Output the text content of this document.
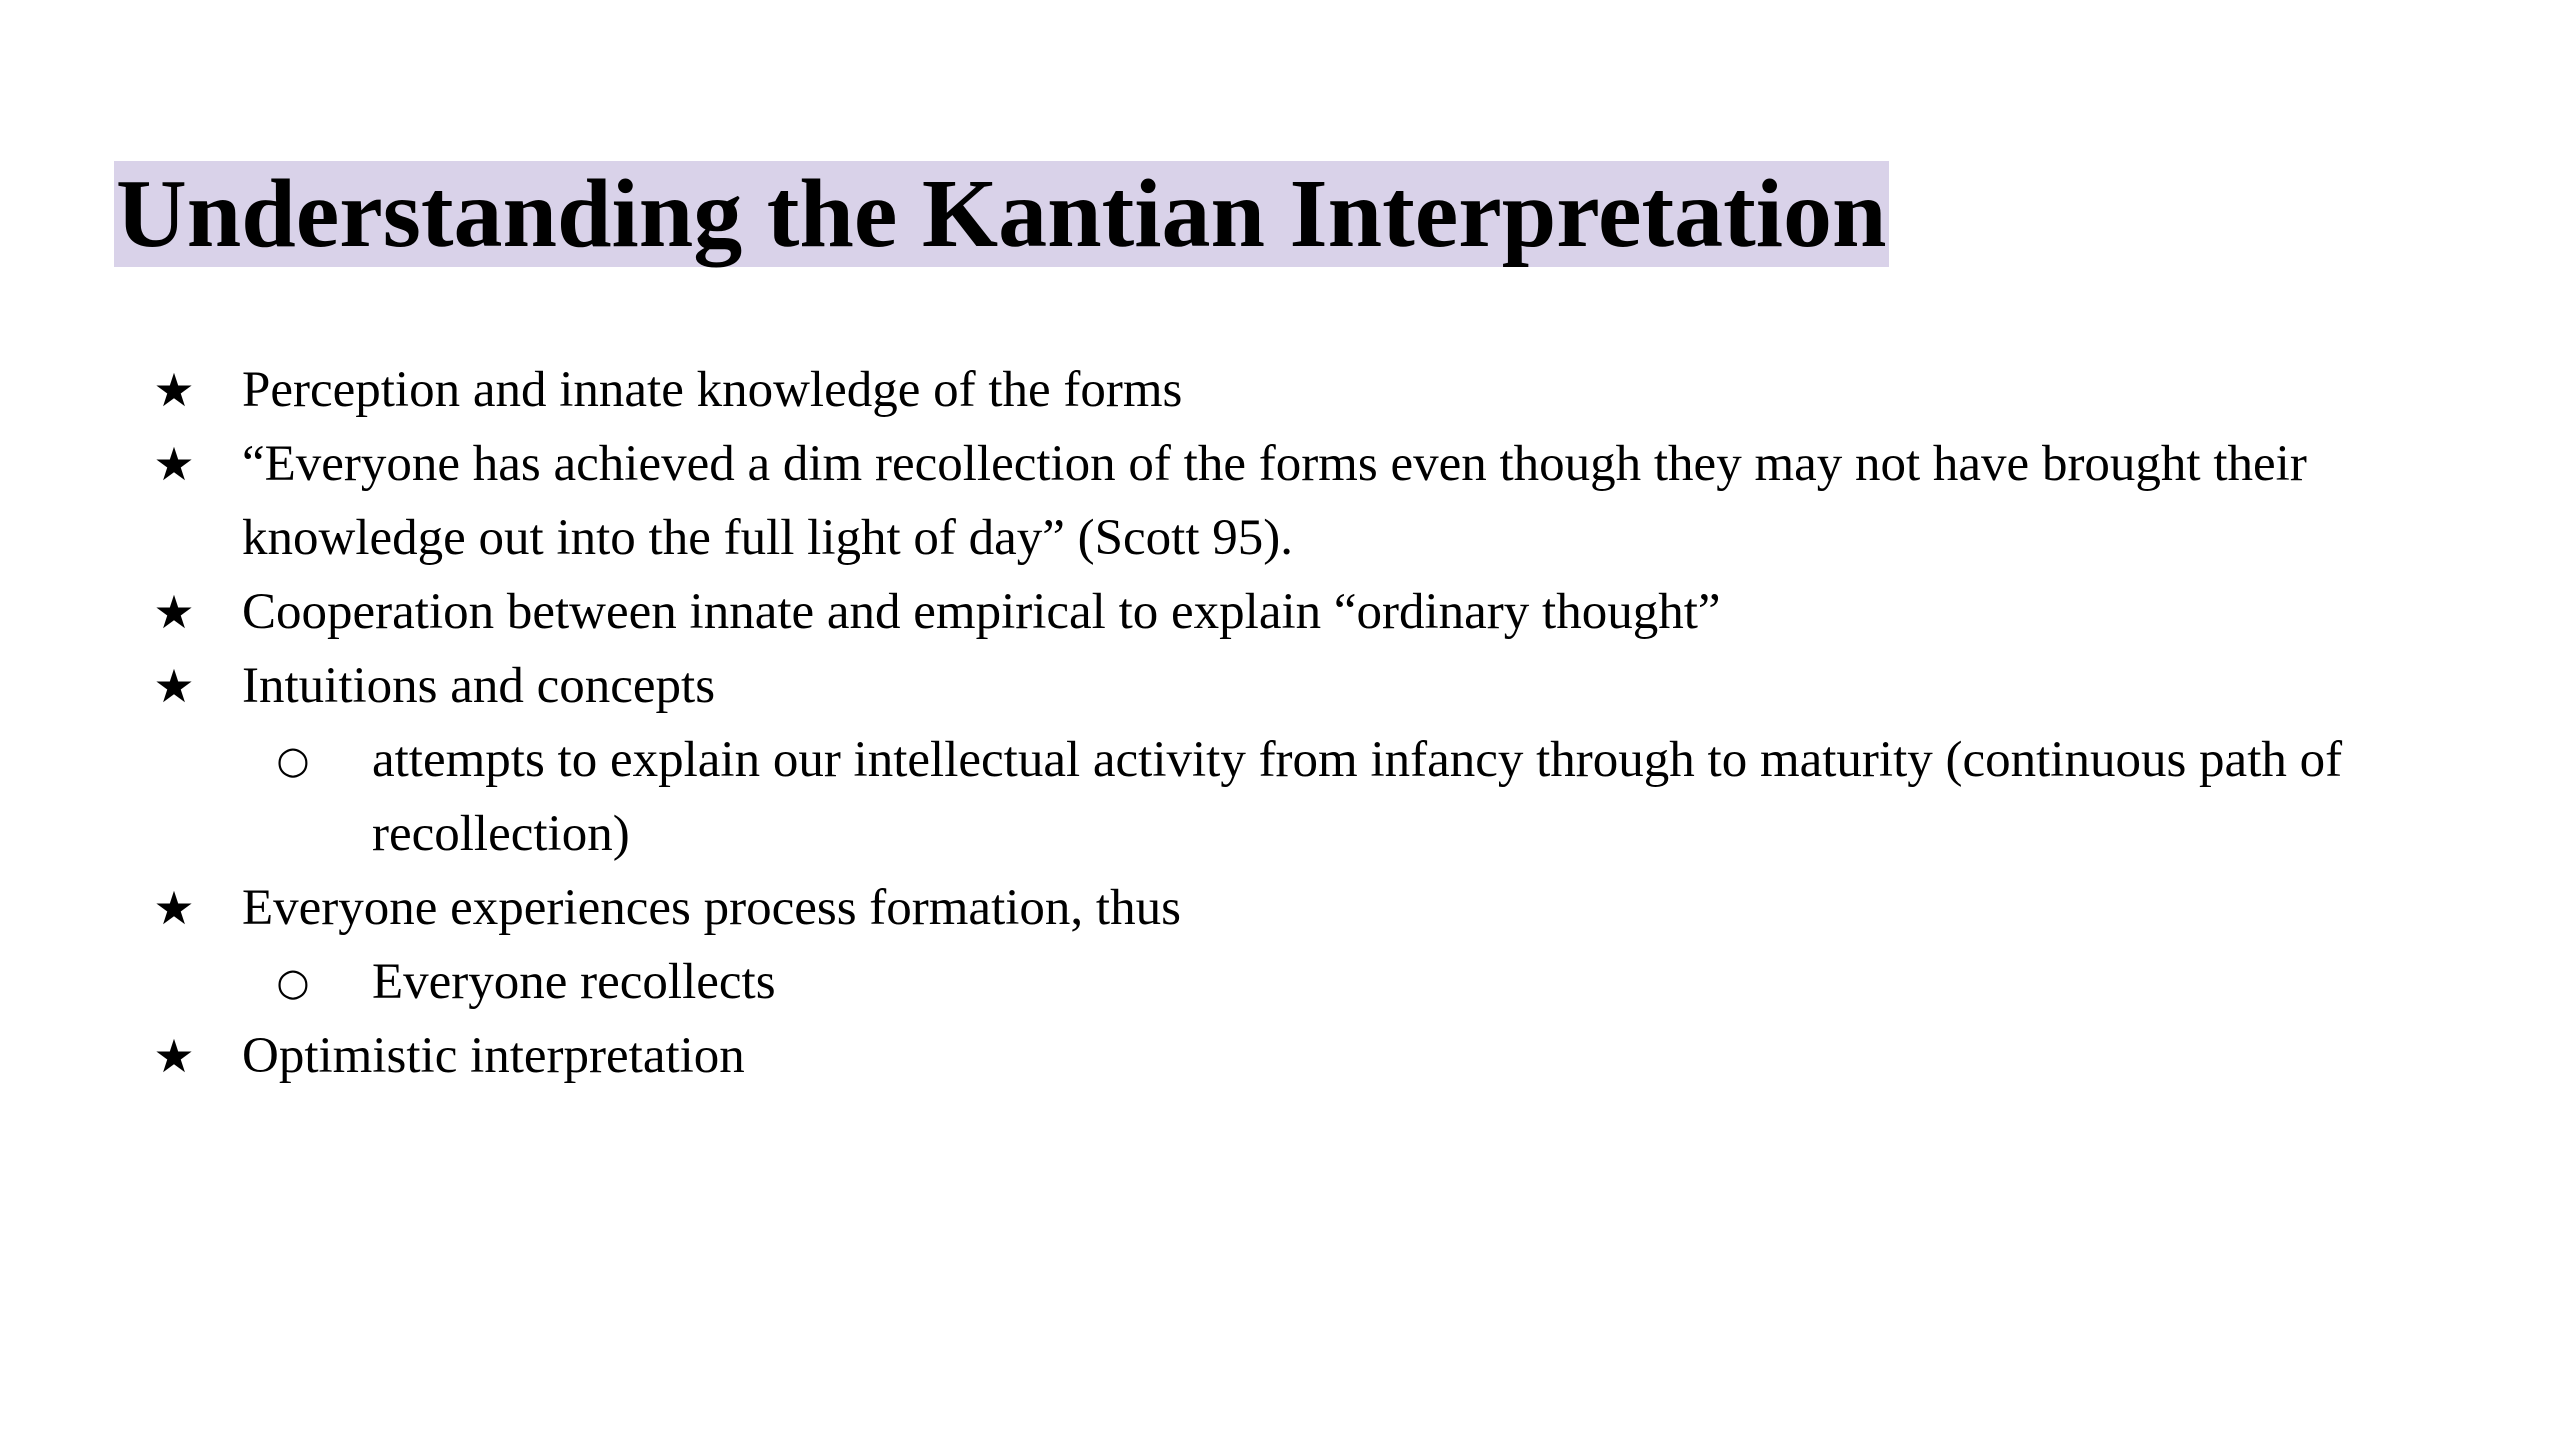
Understanding the Kantian Interpretation
★ Perception and innate knowledge of the forms
★ “Everyone has achieved a dim recollection of the forms even though they may not have brought their knowledge out into the full light of day” (Scott 95).
★ Cooperation between innate and empirical to explain “ordinary thought”
★ Intuitions and concepts
○ attempts to explain our intellectual activity from infancy through to maturity (continuous path of recollection)
★ Everyone experiences process formation, thus
○ Everyone recollects
★ Optimistic interpretation
